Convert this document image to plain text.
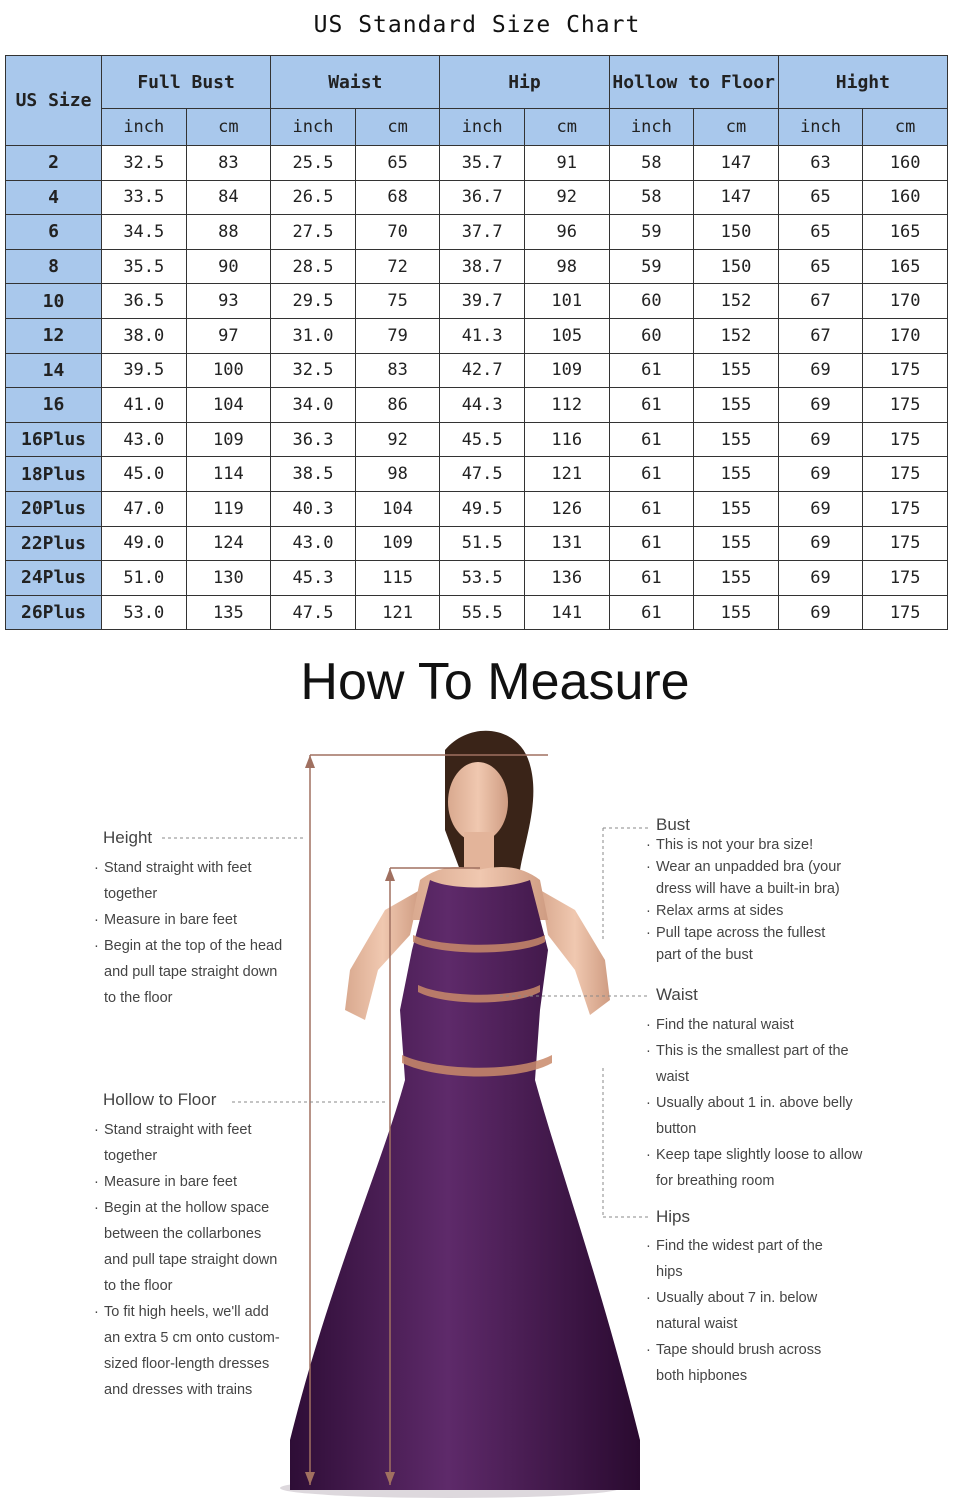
US Standard Size Chart
US Size	Full Bust		Waist		Hip		Hollow to Floor		Hight	
	inch	cm	inch	cm	inch	cm	inch	cm	inch	cm
2	32.5	83	25.5	65	35.7	91	58	147	63	160
4	33.5	84	26.5	68	36.7	92	58	147	65	160
6	34.5	88	27.5	70	37.7	96	59	150	65	165
8	35.5	90	28.5	72	38.7	98	59	150	65	165
10	36.5	93	29.5	75	39.7	101	60	152	67	170
12	38.0	97	31.0	79	41.3	105	60	152	67	170
14	39.5	100	32.5	83	42.7	109	61	155	69	175
16	41.0	104	34.0	86	44.3	112	61	155	69	175
16Plus	43.0	109	36.3	92	45.5	116	61	155	69	175
18Plus	45.0	114	38.5	98	47.5	121	61	155	69	175
20Plus	47.0	119	40.3	104	49.5	126	61	155	69	175
22Plus	49.0	124	43.0	109	51.5	131	61	155	69	175
24Plus	51.0	130	45.3	115	53.5	136	61	155	69	175
26Plus	53.0	135	47.5	121	55.5	141	61	155	69	175
How To Measure
Height
· Stand straight with feet
together
· Measure in bare feet
· Begin at the top of the head
and pull tape straight down
to the floor
Hollow to Floor
· Stand straight with feet
together
· Measure in bare feet
· Begin at the hollow space
between the collarbones
and pull tape straight down
to the floor
· To fit high heels, we'll add
an extra 5 cm onto custom-
sized floor-length dresses
and dresses with trains
Bust
· This is not your bra size!
· Wear an unpadded bra (your
dress will have a built-in bra)
· Relax arms at sides
· Pull tape across the fullest
part of the bust
Waist
· Find the natural waist
· This is the smallest part of the
waist
· Usually about 1 in. above belly
button
· Keep tape slightly loose to allow
for breathing room
Hips
· Find the widest part of the
hips
· Usually about 7 in. below
natural waist
· Tape should brush across
both hipbones
